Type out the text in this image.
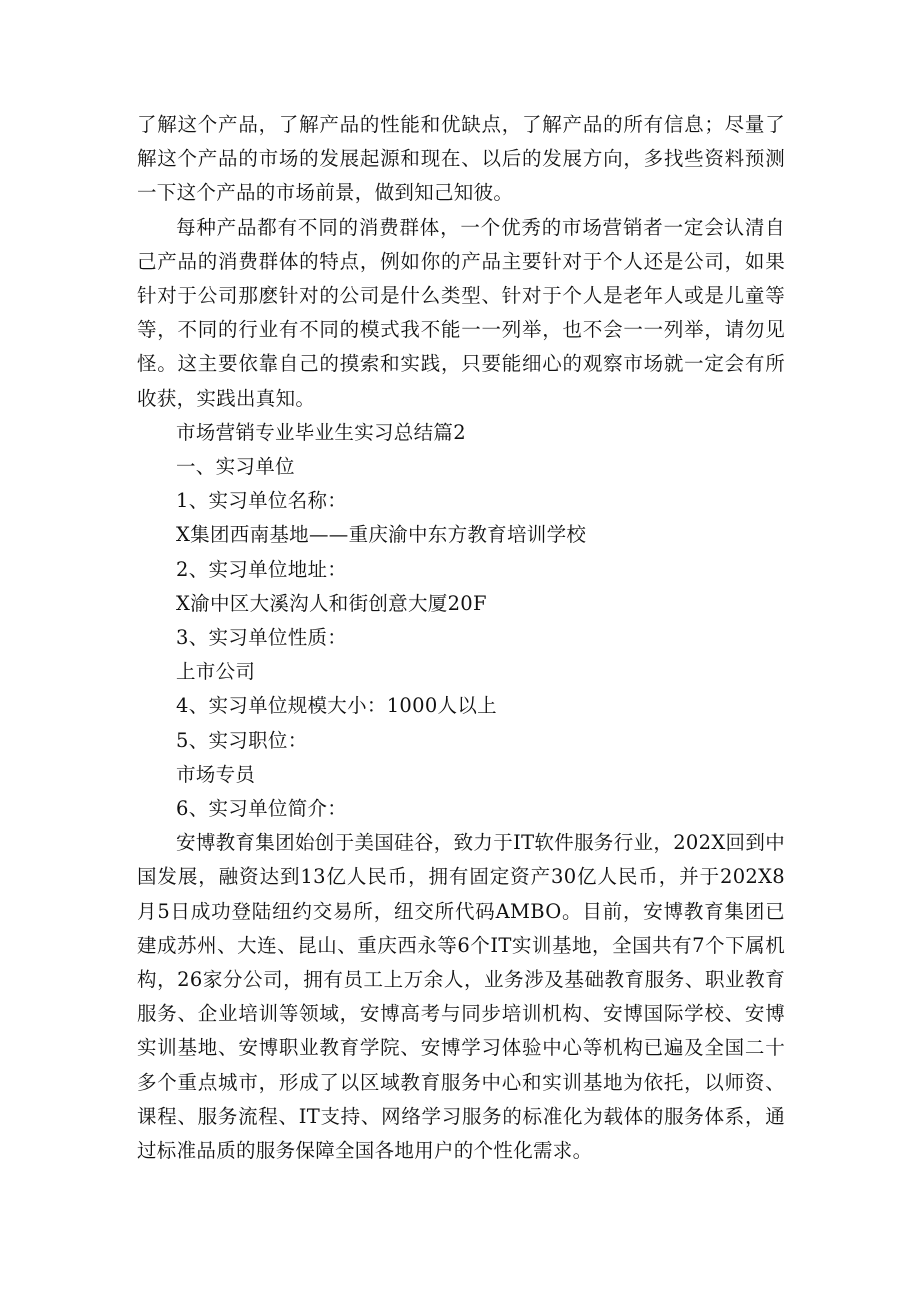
了解这个产品，了解产品的性能和优缺点，了解产品的所有信息；尽量了解这个产品的市场的发展起源和现在、以后的发展方向，多找些资料预测一下这个产品的市场前景，做到知己知彼。

每种产品都有不同的消费群体，一个优秀的市场营销者一定会认清自己产品的消费群体的特点，例如你的产品主要针对于个人还是公司，如果针对于公司那麽针对的公司是什么类型、针对于个人是老年人或是儿童等等，不同的行业有不同的模式我不能一一列举，也不会一一列举，请勿见怪。这主要依靠自己的摸索和实践，只要能细心的观察市场就一定会有所收获，实践出真知。

市场营销专业毕业生实习总结篇2

一、实习单位

1、实习单位名称：

X集团西南基地——重庆渝中东方教育培训学校

2、实习单位地址：

X渝中区大溪沟人和街创意大厦20F

3、实习单位性质：

上市公司

4、实习单位规模大小：1000人以上

5、实习职位：

市场专员

6、实习单位简介：

安博教育集团始创于美国硅谷，致力于IT软件服务行业，202X回到中国发展，融资达到13亿人民币，拥有固定资产30亿人民币，并于202X8月5日成功登陆纽约交易所，纽交所代码AMBO。目前，安博教育集团已建成苏州、大连、昆山、重庆西永等6个IT实训基地，全国共有7个下属机构，26家分公司，拥有员工上万余人，业务涉及基础教育服务、职业教育服务、企业培训等领域，安博高考与同步培训机构、安博国际学校、安博实训基地、安博职业教育学院、安博学习体验中心等机构已遍及全国二十多个重点城市，形成了以区域教育服务中心和实训基地为依托，以师资、课程、服务流程、IT支持、网络学习服务的标准化为载体的服务体系，通过标准品质的服务保障全国各地用户的个性化需求。
